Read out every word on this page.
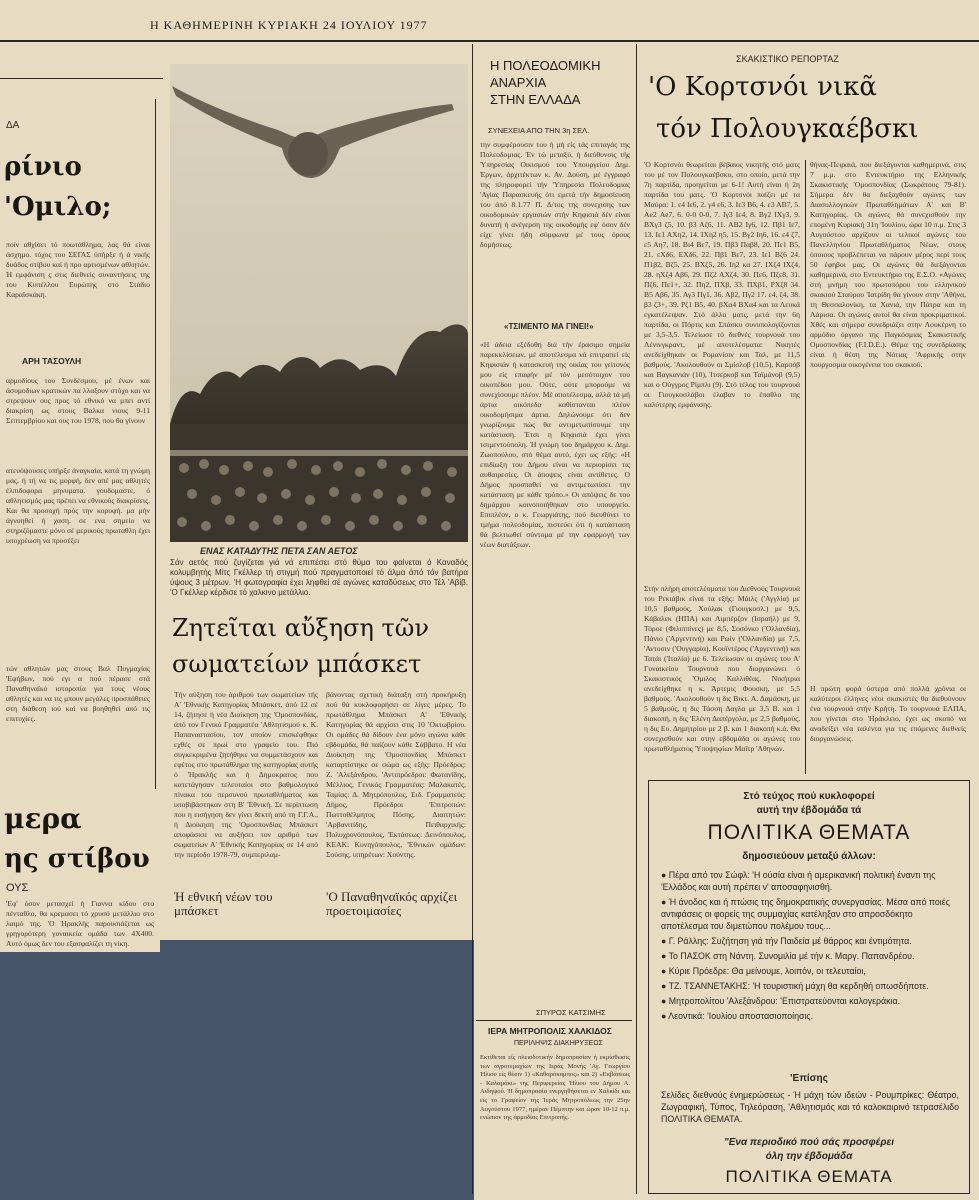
Η ΚΑΘΗΜΕΡΙΝΗ ΚΥΡΙΑΚΗ 24 ΙΟΥΛΙΟΥ 1977
ΔΑ
ρίνιο
'Ομιλο;
ποίν αθχίσει τό ποωτάθλημα, λας θά είναι άσχημο. τόχος του ΣΕΓΑΣ ύπήρξε ή ά νικής δυάδος στίβου καί ή προ αρτισμένων αθλητών. Ή εμφάνιση ς στις διεθνείς συναντήσεις της του Κυπέλλου Ευρώπης στο Στάδιο Καραϊσκάκη.
ΑΡΗ ΤΑΣΟΥΛΗ
αρμοδίους του Συνδέσμου, μέ ένων και άσυμοδιων κρατικών πα λλαξουν στόχο και να στρεψουν ους προς τό εθνικό να μπει αντί διακρίση ως στους Βαλκα νιους 9-11 Σεπτεμβρίου και ους του 1978, που θα γίνουν
ατευόψουσες υπήρξε άναγκαία, κατά τη γνώμη μας, ή τή να τις μορφή, δεν απέ μας αθλητές έλπιδοφορα μηνυματα. γουδομαστε, ό αθλητισμός μας πρέπει να εθνικούς διακρίσεις. Και θα προσοχή πρός την κορυφή. μα μήν άγνοηθεί ή χαση. σε ενα σημείο να στηριζόμαστε μόνο σέ μερικούς πρωταθλη έχει υποχρέωση να προσέξει
τών αθλητών μας στους Βαλ Πυγμαχίας 'Εφήβων, πού εγι α πού πέρασε στά Παναθηναϊκό ιστοροπία για τους νέους αθλητές και να τις μπουν μεγάλες προσπάθειες στη διάθεση ιού καί να βοηθηθεί από τις επιτυχίες.
μερα
ης στίβου
ΟΥΣ
'Εφ' όσον μετασχεί ή Γιαννα κίδου στο πένταθλο, θα κρεμασει τό χρυσό μετάλλιο στο λαιμό της. 'Ο Ήρακλής παρουσιάζεται ως γρηγορότερη γυναικεία ομάδα των 4Χ400. Αυτό όμως δεν του εξασφαλίζει τη νίκη.
ΕΝΑΣ ΚΑΤΑΔΥΤΗΣ ΠΕΤΑ ΣΑΝ ΑΕΤΟΣ
Σάν αετός πού ζυγίζεται γιά νά επιπέσει στό θύμα του φαίνεται ό Καναδός κολυμβητής Μίτς Γκέλλερ τή στιγμή πού πραγματοποιεί τό άλμα άπό τόν βατήρα ύψους 3 μέτρων. 'Η φωτογραφία έχει ληφθεί σέ αγώνες καταδύσεως στο Τέλ 'Αβίβ. 'Ο Γκέλλερ κέρδισε τό χαλκινο μετάλλιο.
Ζητεῖται αὔξηση τῶν
σωματείων μπάσκετ
Τήν αύξηση του άριθμού των σωματείων τής Α' 'Εθνικής Κατηγορίας Μπάσκετ, άπό 12 σέ 14, ζήτησε ή νέα Διοίκηση της 'Ομοσπονδίας, άπό τον Γενικό Γραμματέα 'Αθλητισμού κ. Κ. Παπαναστασίου, τον οποίον επισκέφθηκε εχθές σε πρωί στο γραφείο του. Πιό συγκεκριμένα ζητήθηκε να συμμετάσχουν και εφέτος στο πρωτάθλημα της κατηγορίας αυτής ό 'Ηρακλής και ή Δημοκρατος που κατετάγησαν τελευταίοι στο βαθμολογικό πίνακα του περσυνού πρωταθλήματος και υποβιβάστηκαν στη Β' 'Εθνική. Σε περίπτωση που η εισήγηση δεν γίνει δεκτή από τη Γ.Γ.Α., ή Διοίκηση της 'Ομοσπονδίας Μπάσκετ αποφάσισε να αυξήσει τον αριθμό των σωματείων Α' 'Εθνικής Κατηγορίας σε 14 από την περίοδο 1978-79, συμπεριλαμ-
βάνοντας σχετική διάταξη στή προκήρυξη πού θά κυκλοφορήσει σε λίγες μέρες. Το πρωτάθλημα Μπάσκετ Α' 'Εθνικής Κατηγορίας θά αρχίσει στις 10 'Οκτωβρίου. Οι ομάδες θά δίδουν ένα μόνο αγώνα κάθε εβδομάδα, θά παίζουν κάθε Σάββατο. Η νέα Διοίκηση της 'Ομοσπονδίας Μπάσκετ καταρτίστηκε σε σώμα ως εξής: Πρόεδρος: Ζ. 'Αλεξάνδρου, 'Αντιπρόεδροι: Φωτανίδης, Μέλλιος, Γενικός Γραμματέας: Μαλακατές, Ταμίας: Δ. Μητρόπουλος, Ειδ. Γραμματεύς: Δήμος, Πρόεδροι 'Επιτροπών: Πωττοθέλμητος Πόσης, Διαιτητών: 'Αρβανιτίδης, Πειθαρχικής: Πολυχρονόπουλος, 'Εκτάσεως: Δεινόπουλος, ΚΕΑΚ: Κυνηγόπουλος, 'Εθνικών ομάδων: Σούσης, υπηρέτων: Χούντης.
Ή εθνική νέων του μπάσκετ
'Ο Παναθηναϊκός αρχίζει προετοιμασίες
Η ΠΟΛΕΟΔΟΜΙΚΗ
ΑΝΑΡΧΙΑ
ΣΤΗΝ ΕΛΛΑΔΑ
ΣΥΝΕΧΕΙΑ ΑΠΟ ΤΗΝ 3η ΣΕΛ.
την συμφέρουσιν του ή μή είς τάς επιταγάς της Πολεοδομιας. Έν τώ μεταξύ, ή διεύθυνσις τής Ύπηρεσίας Οικισμού του Υπουργείου Δημ. Έργων, άρχιτέκτων κ. Αν. Δούση, μέ έγγραφό της πληροφορεί τήν 'Υπηρεσία Πολεοδομιας 'Αγίας Παρασκευής ότι εμετά τήν δημοσίευση του άπό 8.1.77 Π. Δ/τος της συνεχισης των οικοδομικών εργασιών στήν Κηφισιά δέν είναι δυνατή ή ανέγερση της οικοδομής εφ' όσον δέν είχε γίνει ήδη σύμφωνα μέ τους όρους δομήσεως.
«ΤΣΙΜΕΝΤΟ ΜΑ ΓΙΝΕΙ!»
«Η άδεια εξέδοθη διά τήν έρασιμο σημεία παρεκκλίσεων, μέ αποτέλεσμα νά επιτραπεί είς Κηφισιάν ή κατασκευή της οικίας του γείτονός μου είς επαφήν μέ τόν μεσότοιχον του οικοπέδου μου. Ούτε, ούτε μπορούμε νά συνεχίσουμε πλέον. Μέ αποτέλεσμα, αλλά τά μή άρτια οικόπεδα καθίστανται πλέον οικοδομήσιμα άρτια. Δηλώνουμε ότι δεν γνωρίζουμε πώς θα αντιμετωπίσουμε την κατάσταση. Έτσι η Κηφισιά έχει γίνει τσιμεντούπολη. Ή γνώμη του δημάρχου κ. Δημ. Ζωοπούλου, στό θέμα αυτό, έχει ως εξής: «Η επιδίωξη του Δήμου είναι να περιορίσει τις αυθαιρεσίες. Οι άποψεις είναι αντίθετες. Ο Δήμος προσπαθεί να αντιμετωπίσει την κατάσταση με κάθε τρόπο.» Οι απόψεις δε του δημάρχου κοινοποιήθηκαν στο υπουργείο. Επιπλέον, ο κ. Γεωργιάτης, πού διευθύνει το τμήμα πολεοδομίας, πιστεύει ότι ή κατάσταση θά βελτιωθεί σύντομα μέ την εφαρμογή των νέων διατάξεων.
ΣΠΥΡΟΣ ΚΑΤΣΙΜΗΣ
ΙΕΡΑ ΜΗΤΡΟΠΟΛΙΣ ΧΑΛΚΙΔΟΣ
ΠΕΡΙΛΗΨΙΣ ΔΙΑΚΗΡΥΞΕΩΣ
Εκτίθεται είς πλειοδοτικήν δημοπρασίαν ή εκμίσθωσις των αγροτεμαχίων της Ιεράς Μονής 'Αγ. Γεωργίου Ήλιου είς θέσιν 1) «Καθαρόκαμπος» και 2) «Εκβάσεως - Καλαμάκι» της Περιφερείας Ήλιου του Δήμου Α. Αιδηψού. Ή δημοπρασία ενεργηθήσεται εν Χαλκίδι και είς το Γραφείον της Ίεράς Μητροπόλεως την 25ην Αυγούστου 1977, ημέραν Πέμπτην και ώραν 10-12 π.μ. ενώπιον της άρμοδίας Επιτροπής.
ΣΚΑΚΙΣΤΙΚΟ ΡΕΠΟΡΤΑΖ
'Ο Κορτσνόι νικᾶ
τόν Πολουγκαέβσκι
'Ο Κορτσνόι θεωρείται βέβαιος νικητής στό ματς του μέ τον Πολουγκαέβσκυ, στο οποίο, μετά την 7η παρτίδα, προηγείται με 6-1! Αυτή είναι ή 2η παρτίδα του ματς. 'Ο Κορτσνόι παίζει μέ τα Μαύρα: 1. ε4 Ιε6, 2. γ4 ε6, 3. Ιε3 Β6, 4. ε3 ΑΒ7, 5. Αe2 Αe7, 6. 0-0 0-0, 7. Ιγ3 Ιε4, 8. Βγ2 ΙΧγ3, 9. ΒΧγ3 ζ5, 10. β3 Αζ6, 11. ΑΒ2 Ιγ6, 12. Πβ1 Ιε7, 13. Ιε1 ΑΧη2, 14. ΙΧη2 η5, 15. Βγ2 Ιη6, 16. ε4 ζ7, ε5 Αη7, 18. Βι4 Βε7, 19. Πβ3 Παβ8, 20. Πε1 Β5, 21. εΧδ6, ΕΧδ6, 22. Πβ1 Βε7, 23. Ιε1 Βζ6 24. Π1β2, Βζ5, 25. ΒΧζ5, 26. Ιη2 κα 27. ΙΧζ4 ΙΧζ4, 28. ηΧζ4 Αβ6, 29. Πζ2 ΑΧζ4, 30. Πε6, Πζε8, 31. Πζ6, Πε1+, 32. Πη2, ΠΧβ, 33. ΠΧβ1, ΡΧζ8 34. Β5 Αβ6, 35. Αγ3 Πγ1, 36. Αβ2, Πγ2 17. ε4, ζ4, 38. β3 ζ3+, 39. Ρζ1 Β5, 40. βΧα4 ΒΧα4 και τα Λευκά εγκατέλειψαν. Στό άλλο ματς, μετά την 6η παρτίδα, οι Πόρτις και Σπάσκυ συνυπολογίζονται με 3,5-3,5. Τελείωσε τό διεθνές τουρνουά του Λένινγκραντ, μέ αποτελέσματα: Νικητές ανεδείχθηκαν οι Ρομανίσιν και Ταλ, με 11,5 βαθμούς. 'Ακολουθούν οι Σμίσλοβ (10,5), Καρπόβ και Βαγκανιάν (10), Ίτσερκοβ και Ταϊμάνοβ (9,5) και ο Ούγγρος Ρίμπλι (9). Στό τέλος του τουρνουά οι Γιουγκοσλάβοι έλαβαν το έπαθλο της καλύτερης εμφάνισης.
Στήν πλήρη αποτελέσματα του Διεθνούς Τουρνουά του Ρεκιάβικ είναι τα εξής: Μάιλς ('Αγγλία) με 10,5 βαθμούς, Χούλακ (Γιουγκοσλ.) με 9,5, Κάβαλεκ (ΗΠΑ) και Λιμπέρζον (Ισραήλ) με 9, Τόροε (Φιλιππίνες) με 8,5, Σοσόνκο ('Ολλανδία), Πάνιο ('Αργεντινή) και Ρωίν ('Ολλανδία) με 7,5, 'Αντοσιν ('Ουγγαρία), Κουϊντέρος ('Αργεντινή) και Τατάι ('Ιταλία) με 6. Τελείωσαν οι αγώνες του Α' Γυναικείου Τουρνουά που διοργανώνει ό Σκακιστικός 'Ομιλος Καλλιθέας. Νικήτρια ανεδείχθηκε η κ. Άρτεμις Φουσκη, με 5,5 βαθμούς. 'Ακολουθούν η δις Βικτ. Α. Δαμάσκη, με 5 βαθμούς, η δις Τάσση Δαγλα με 3,5 Β. και 1 διακοπή, η δις 'Ελένη Δαπέργολα, με 2,5 βαθμούς, η δις Ευ. Δημητρίου με 2 β. και 1 διακοπή κ.ά. Θα συνεχισθούν και στην εβδομάδα οι αγώνες του πρωταθλήματος 'Υποψηφίων Μαΐτρ 'Αθηνών.
θήνας-Πειραιά, που διεξάγονται καθημερινά, στις 7 μ.μ. στο Εντευκτήριο της Ελληνικής Σκακιστικής 'Ομοσπονδίας (Σωκράτους 79-81). Σήμερα δέν θα διεξαχθούν αγώνες των Διασυλλογικών Πρωταθλημάτων Α' και Β' Κατηγορίας. Οι αγώνες θά συνεχισθούν την επομένη Κυριακή 31η 'Ιουλίου, ώρα 10 π.μ. Στις 3 Αυγούστου αρχίζουν οι τελικοί αγώνες του Πανελληνίου Πρωταθλήματος Νέων, στους όποιους προβλέπεται να πάρουν μέρος περί τους 50 έφηβοι μας. Οι αγώνες θά διεξάγονται καθημερινά, στο Εντευκτήριο της Ε.Σ.Ο. «Αγώνες στή μνήμη του πρωτοπόρου του ελληνικού σκακιού Σταύρου 'Ιατρίδη θα γίνουν στην 'Αθήνα, τη Θεσσαλονίκη, τα Χανιά, την Πάτρα και τη Λάρισα. Οι αγώνες αυτοί θα είναι προκριματικοί. Χθές και σήμερα συνεδριάζει στην Λουκέρνη το αρμόδιο όργανο της Παγκόσμιας Σκακιστικής Ομοσπονδίας (F.I.D.E.). Θέμα της συνεδρίασης είναι ή θέση της Νότιας 'Αφρικής στην πουργοσμια οικογένεια του σκακιού.
Η πρώτη φορά ύστερα από πολλά χρόνια οι καλύτεροι έλληνες νέοι σκακιστές θα διεθυύνουν ένα τουρνουά στήν Κρήτη. Το τουρνουά ΕΛΠΑ, που γίνεται στο 'Ηράκλειο, έχει ως σκοπό να αναδείξει νέα ταλέντα για τις επόμενες διεθνείς διοργανώσεις.
Στό τεύχος πού κυκλοφορεί
αυτή την έβδομάδα τά
ΠΟΛΙΤΙΚΑ ΘΕΜΑΤΑ
δημοσιεύουν μεταξύ άλλων:
● Πέρα από τον Σώφλ: 'Η ούσία είναι ή αμερικανική πολιτική έναντι της 'Ελλάδος και αυτή πρέπει ν' αποσαφηνισθή.
● Ή άνοδος και ή πτώσις της δημοκρατικής συνεργασίας. Μέσα από ποιές αντιφάσεις οι φορείς της συμμαχίας κατέληξαν στο απροσδόκητο αποτέλεσμα του διμετώπου πολέμου τους...
● Γ. Ράλλης: Συζήτηση γιά τήν Παιδεία μέ θάρρος και έντιμότητα.
● Το ΠΑΣΟΚ στη Νάντη. Συνομιλία μέ τήν κ. Μαργ. Παπανδρέου.
● Κύριε Πρόεδρε: Θα μείνουμε, λοιπόν, οι τελευταίοι,
● ΤΖ. ΤΣΑΝΝΕΤΑΚΗΣ: 'Η τουριστική μάχη θα κερδηθή οπωσδήποτε.
● Μητροπολίτου 'Αλεξάνδρου: 'Επιστρατεύονται καλογεράκια.
● Λεοντικά: 'Ιουλίου αποστασιοποίησις.
'Επίσης
Σελίδες διεθνούς ένημερώσεως - Ή μάχη τών ιδεών - Ρουμπρίκες: Θέατρο, Ζωγραφική, Τύπος, Τηλεόραση, 'Αθλητισμός και τό καλοκαιρινό τετρασέλιδο ΠΟΛΙΤΙΚΑ ΘΕΜΑΤΑ.
"Ενα περιοδικό πού σάς προσφέρει
όλη την έβδομάδα
ΠΟΛΙΤΙΚΑ ΘΕΜΑΤΑ
